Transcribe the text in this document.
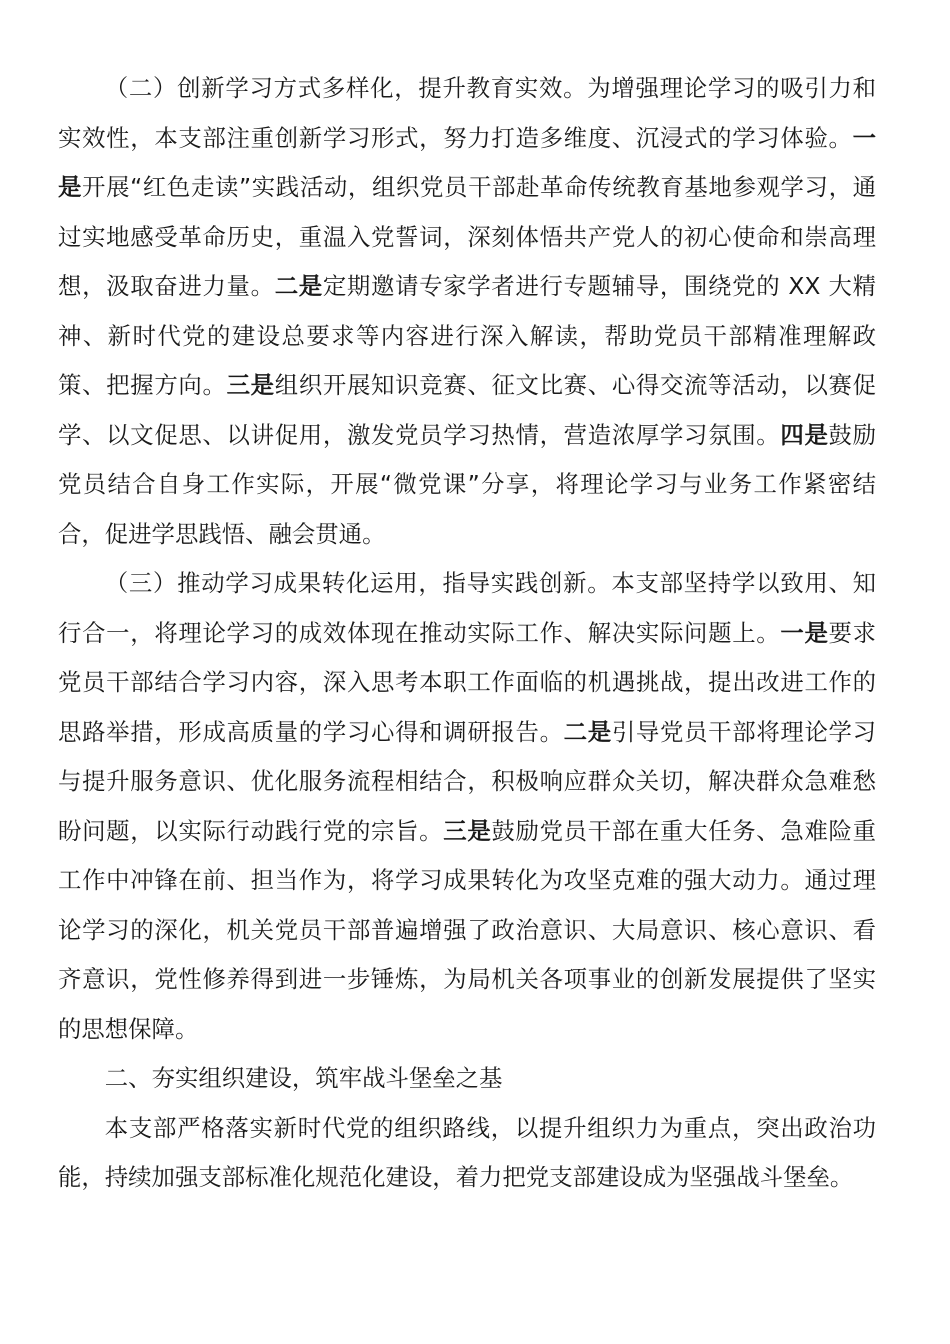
（二）创新学习方式多样化，提升教育实效。为增强理论学习的吸引力和实效性，本支部注重创新学习形式，努力打造多维度、沉浸式的学习体验。一是开展“红色走读”实践活动，组织党员干部赴革命传统教育基地参观学习，通过实地感受革命历史，重温入党誓词，深刻体悟共产党人的初心使命和崇高理想，汲取奋进力量。二是定期邀请专家学者进行专题辅导，围绕党的 XX 大精神、新时代党的建设总要求等内容进行深入解读，帮助党员干部精准理解政策、把握方向。三是组织开展知识竞赛、征文比赛、心得交流等活动，以赛促学、以文促思、以讲促用，激发党员学习热情，营造浓厚学习氛围。四是鼓励党员结合自身工作实际，开展“微党课”分享，将理论学习与业务工作紧密结合，促进学思践悟、融会贯通。

（三）推动学习成果转化运用，指导实践创新。本支部坚持学以致用、知行合一，将理论学习的成效体现在推动实际工作、解决实际问题上。一是要求党员干部结合学习内容，深入思考本职工作面临的机遇挑战，提出改进工作的思路举措，形成高质量的学习心得和调研报告。二是引导党员干部将理论学习与提升服务意识、优化服务流程相结合，积极响应群众关切，解决群众急难愁盼问题，以实际行动践行党的宗旨。三是鼓励党员干部在重大任务、急难险重工作中冲锋在前、担当作为，将学习成果转化为攻坚克难的强大动力。通过理论学习的深化，机关党员干部普遍增强了政治意识、大局意识、核心意识、看齐意识，党性修养得到进一步锤炼，为局机关各项事业的创新发展提供了坚实的思想保障。

二、夯实组织建设，筑牢战斗堡垒之基

本支部严格落实新时代党的组织路线，以提升组织力为重点，突出政治功能，持续加强支部标准化规范化建设，着力把党支部建设成为坚强战斗堡垒。
